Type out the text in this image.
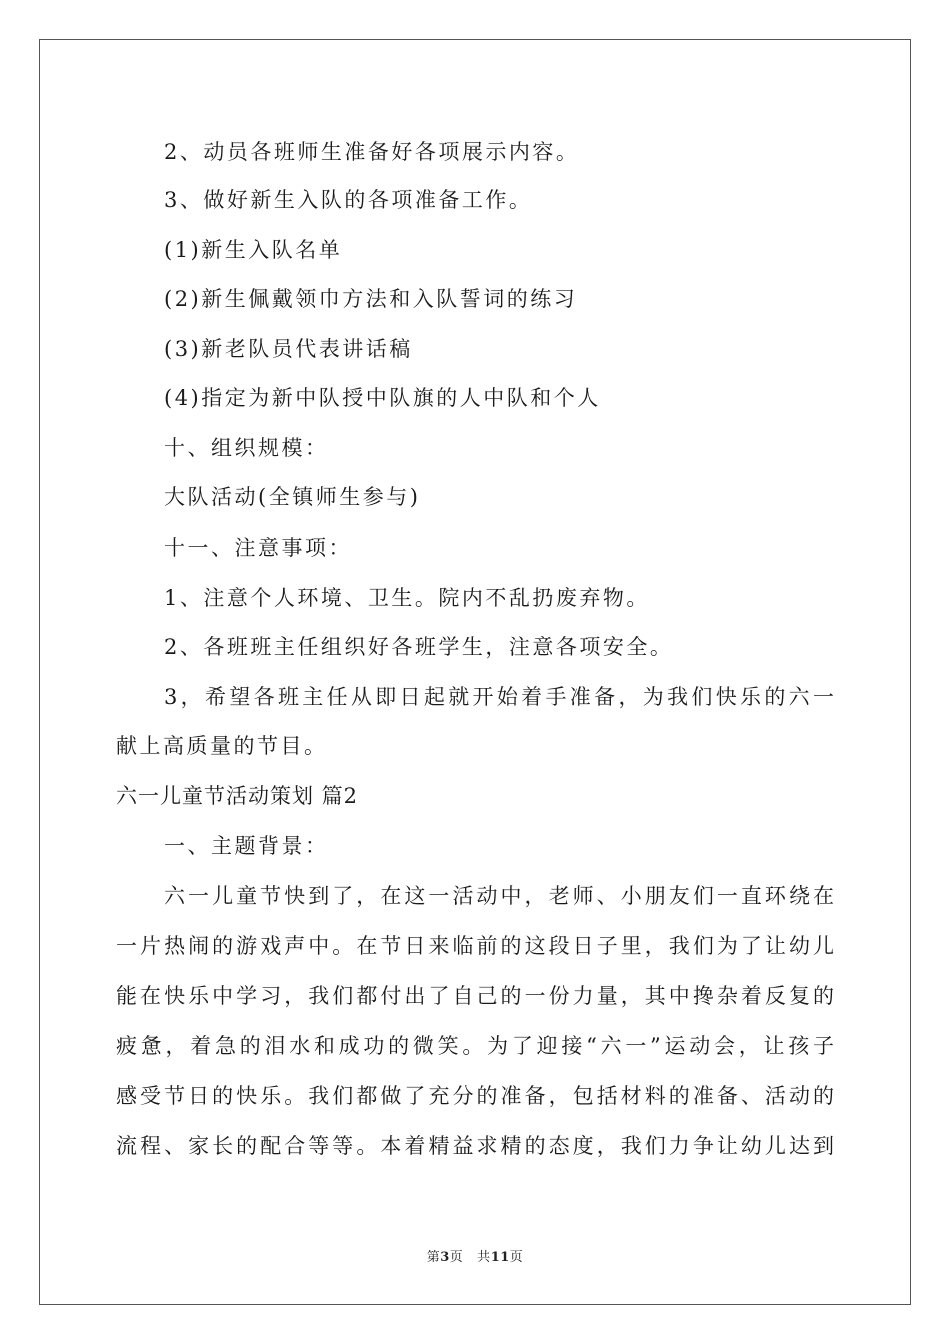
2、动员各班师生准备好各项展示内容。
3、做好新生入队的各项准备工作。
(1)新生入队名单
(2)新生佩戴领巾方法和入队誓词的练习
(3)新老队员代表讲话稿
(4)指定为新中队授中队旗的人中队和个人
十、组织规模：
大队活动(全镇师生参与)
十一、注意事项：
1、注意个人环境、卫生。院内不乱扔废弃物。
2、各班班主任组织好各班学生，注意各项安全。
3，希望各班主任从即日起就开始着手准备，为我们快乐的六一
献上高质量的节目。
六一儿童节活动策划 篇2
一、主题背景：
六一儿童节快到了，在这一活动中，老师、小朋友们一直环绕在
一片热闹的游戏声中。在节日来临前的这段日子里，我们为了让幼儿
能在快乐中学习，我们都付出了自己的一份力量，其中搀杂着反复的
疲惫，着急的泪水和成功的微笑。为了迎接“六一”运动会，让孩子
感受节日的快乐。我们都做了充分的准备，包括材料的准备、活动的
流程、家长的配合等等。本着精益求精的态度，我们力争让幼儿达到
第3页 共11页
